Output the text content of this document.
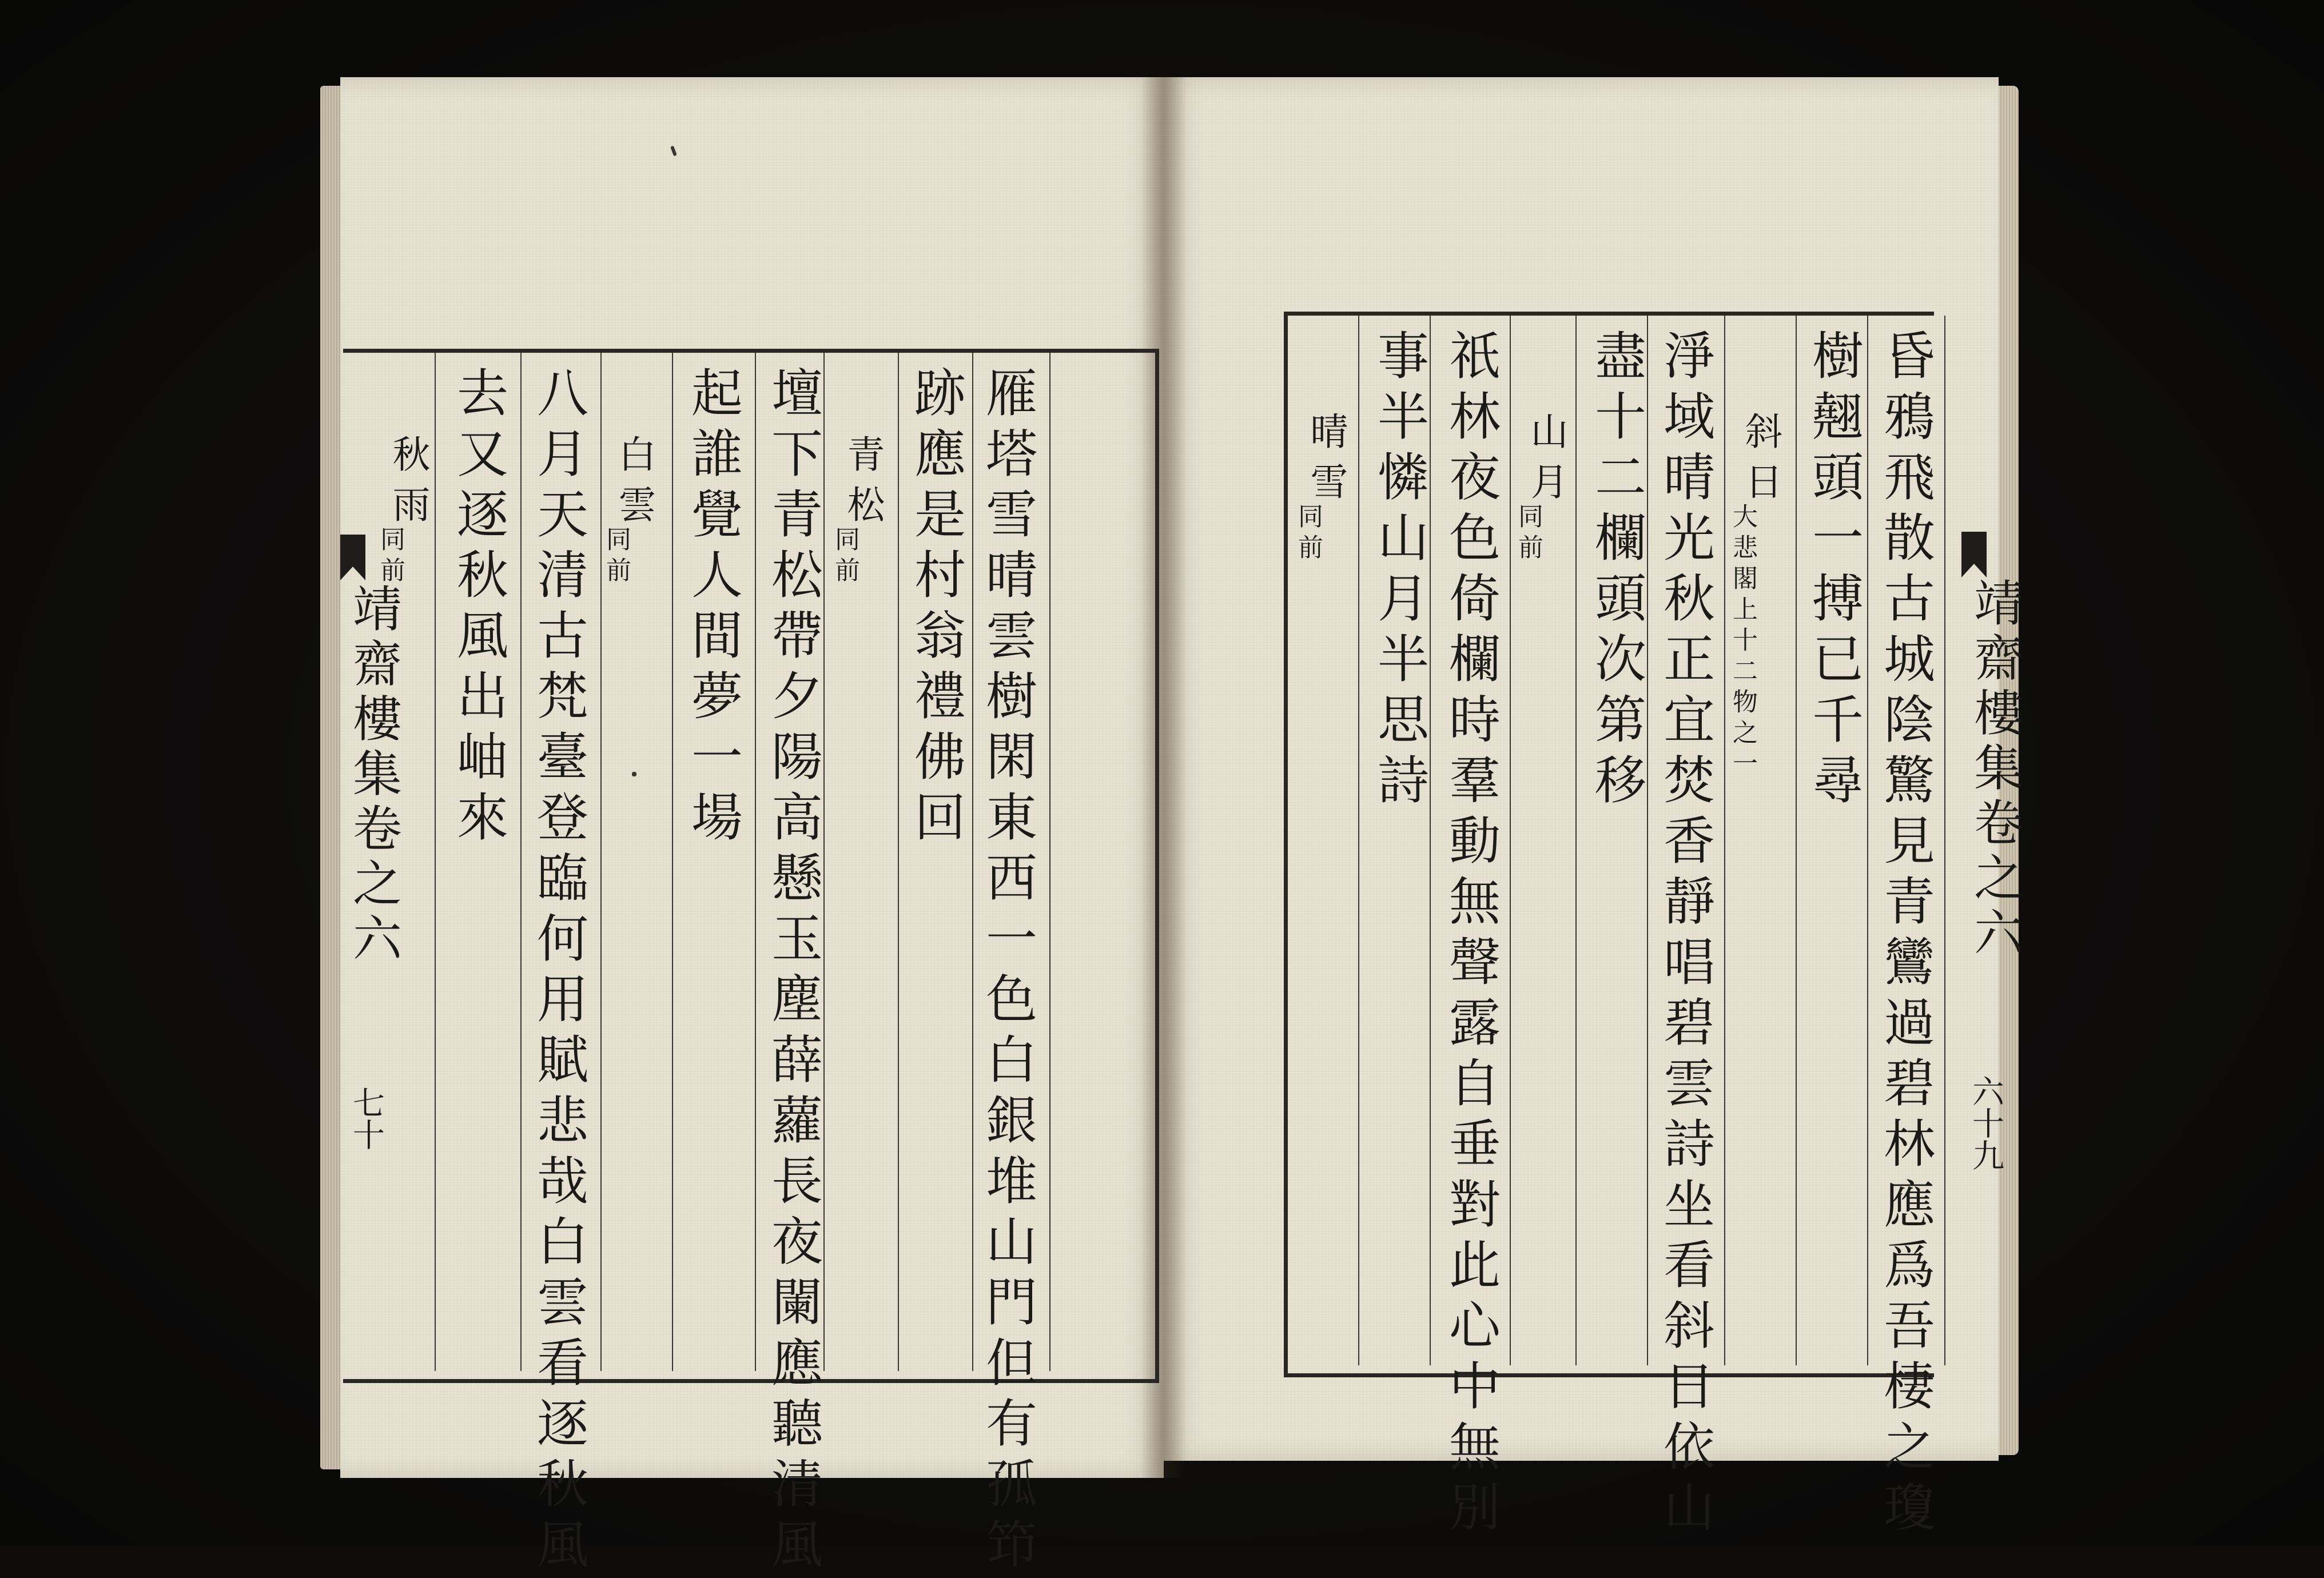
靖齋樓集卷之六
七十	雁塔雪晴雲樹閑東西一色白銀堆山門但有孤笻
跡應是村翁禮佛回
青松
同前
壇下青松帶夕陽高懸玉塵薛蘿長夜闌應聽清風
起誰覺人間夢一場
白雲
同前
八月天清古梵臺登臨何用賦悲哉白雲看逐秋風
去又逐秋風出岫來
秋雨
同前	昏鴉飛散古城陰驚見青鸞過碧林應爲吾棲之瓊
樹翹頭一搏已千尋
斜日
大悲閣上十二物之一
淨域晴光秋正宜焚香靜唱碧雲詩坐看斜日依山
盡十二欄頭次第移
山月
同前
祇林夜色倚欄時羣動無聲露自垂對此心中無別
事半憐山月半思詩
晴雪
同前
靖齋樓集卷之六
六十九
